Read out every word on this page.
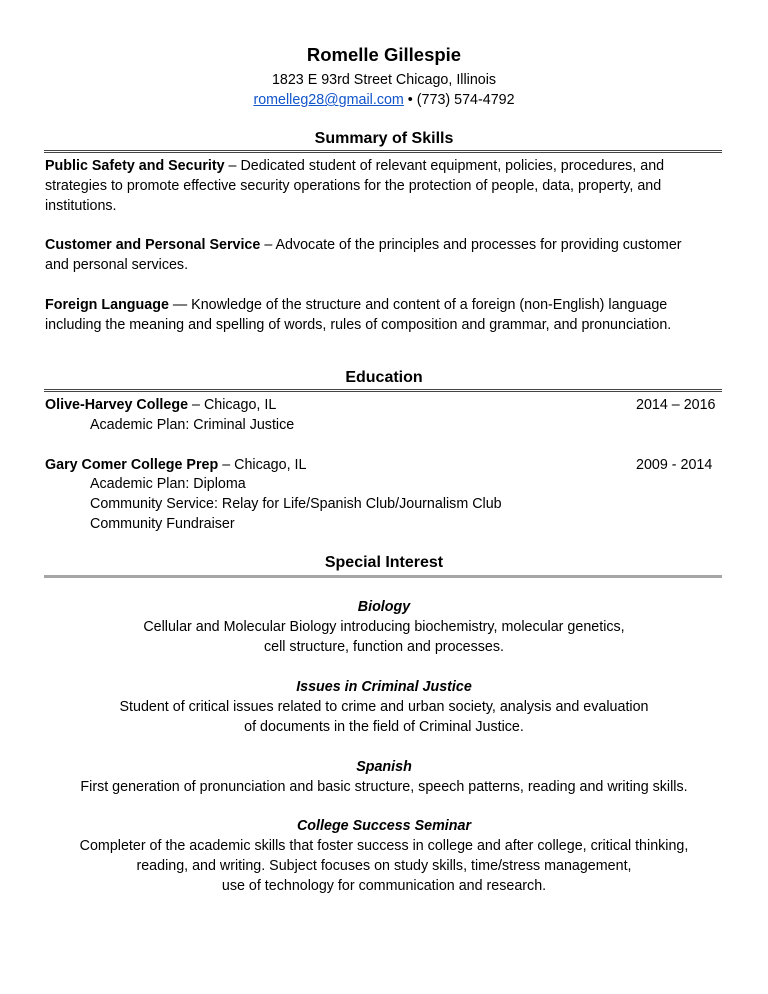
Romelle Gillespie
1823 E 93rd Street Chicago, Illinois
romelleg28@gmail.com • (773) 574-4792
Summary of Skills
Public Safety and Security – Dedicated student of relevant equipment, policies, procedures, and
strategies to promote effective security operations for the protection of people, data, property, and
institutions.
Customer and Personal Service – Advocate of the principles and processes for providing customer
and personal services.
Foreign Language — Knowledge of the structure and content of a foreign (non-English) language
including the meaning and spelling of words, rules of composition and grammar, and pronunciation.
Education
Olive-Harvey College – Chicago, IL	2014 – 2016
Academic Plan: Criminal Justice
Gary Comer College Prep – Chicago, IL	2009 - 2014
Academic Plan: Diploma
Community Service: Relay for Life/Spanish Club/Journalism Club
Community Fundraiser
Special Interest
Biology
Cellular and Molecular Biology introducing biochemistry, molecular genetics,
cell structure, function and processes.
Issues in Criminal Justice
Student of critical issues related to crime and urban society, analysis and evaluation
of documents in the field of Criminal Justice.
Spanish
First generation of pronunciation and basic structure, speech patterns, reading and writing skills.
College Success Seminar
Completer of the academic skills that foster success in college and after college, critical thinking,
reading, and writing. Subject focuses on study skills, time/stress management,
use of technology for communication and research.
